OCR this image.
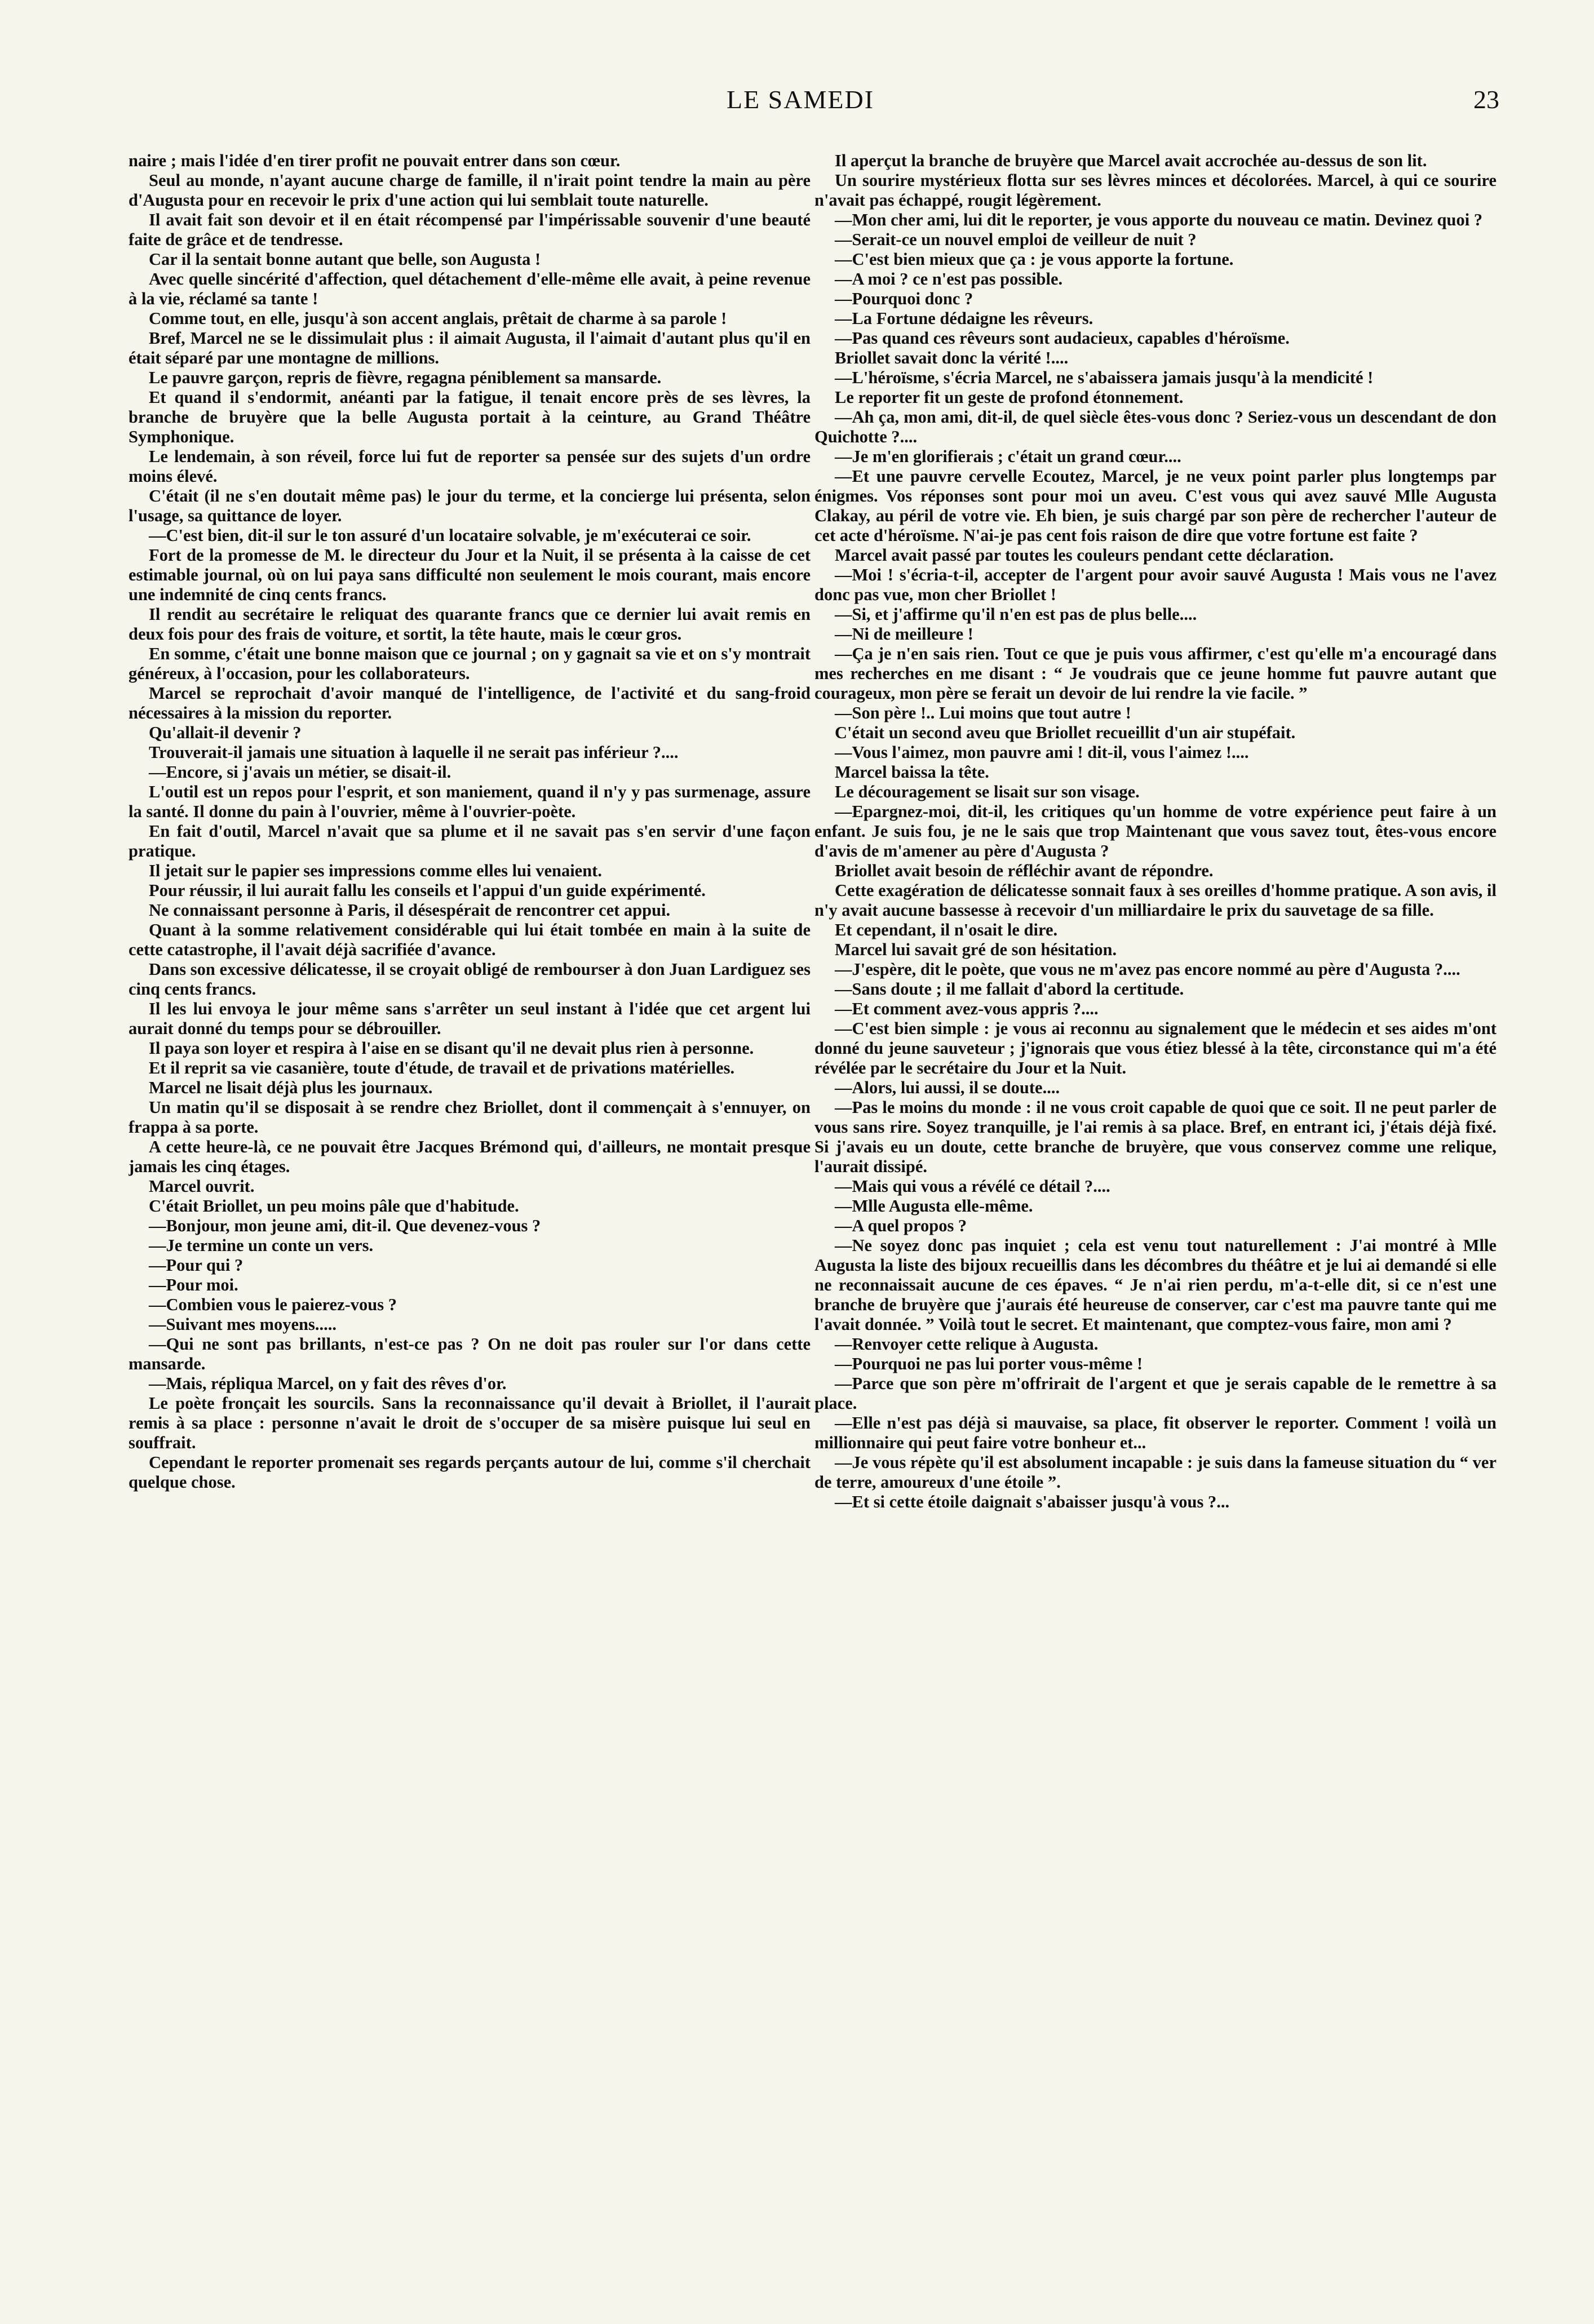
LE SAMEDI	23

naire ; mais l'idée d'en tirer profit ne pouvait entrer dans son cœur.

Seul au monde, n'ayant aucune charge de famille, il n'irait point tendre la main au père d'Augusta pour en recevoir le prix d'une action qui lui semblait toute naturelle.

Il avait fait son devoir et il en était récompensé par l'impérissable souvenir d'une beauté faite de grâce et de tendresse.

Car il la sentait bonne autant que belle, son Augusta !

Avec quelle sincérité d'affection, quel détachement d'elle-même elle avait, à peine revenue à la vie, réclamé sa tante !

Comme tout, en elle, jusqu'à son accent anglais, prêtait de charme à sa parole !

Bref, Marcel ne se le dissimulait plus : il aimait Augusta, il l'aimait d'autant plus qu'il en était séparé par une montagne de millions.

Le pauvre garçon, repris de fièvre, regagna péniblement sa mansarde.

Et quand il s'endormit, anéanti par la fatigue, il tenait encore près de ses lèvres, la branche de bruyère que la belle Augusta portait à la ceinture, au Grand Théâtre Symphonique.

Le lendemain, à son réveil, force lui fut de reporter sa pensée sur des sujets d'un ordre moins élevé.

C'était (il ne s'en doutait même pas) le jour du terme, et la concierge lui présenta, selon l'usage, sa quittance de loyer.

—C'est bien, dit-il sur le ton assuré d'un locataire solvable, je m'exécuterai ce soir.

Fort de la promesse de M. le directeur du Jour et la Nuit, il se présenta à la caisse de cet estimable journal, où on lui paya sans difficulté non seulement le mois courant, mais encore une indemnité de cinq cents francs.

Il rendit au secrétaire le reliquat des quarante francs que ce dernier lui avait remis en deux fois pour des frais de voiture, et sortit, la tête haute, mais le cœur gros.

En somme, c'était une bonne maison que ce journal ; on y gagnait sa vie et on s'y montrait généreux, à l'occasion, pour les collaborateurs.

Marcel se reprochait d'avoir manqué de l'intelligence, de l'activité et du sang-froid nécessaires à la mission du reporter.

Qu'allait-il devenir ?

Trouverait-il jamais une situation à laquelle il ne serait pas inférieur ?....

—Encore, si j'avais un métier, se disait-il.

L'outil est un repos pour l'esprit, et son maniement, quand il n'y y pas surmenage, assure la santé. Il donne du pain à l'ouvrier, même à l'ouvrier-poète.

En fait d'outil, Marcel n'avait que sa plume et il ne savait pas s'en servir d'une façon pratique.

Il jetait sur le papier ses impressions comme elles lui venaient.

Pour réussir, il lui aurait fallu les conseils et l'appui d'un guide expérimenté.

Ne connaissant personne à Paris, il désespérait de rencontrer cet appui.

Quant à la somme relativement considérable qui lui était tombée en main à la suite de cette catastrophe, il l'avait déjà sacrifiée d'avance.

Dans son excessive délicatesse, il se croyait obligé de rembourser à don Juan Lardiguez ses cinq cents francs.

Il les lui envoya le jour même sans s'arrêter un seul instant à l'idée que cet argent lui aurait donné du temps pour se débrouiller.

Il paya son loyer et respira à l'aise en se disant qu'il ne devait plus rien à personne.

Et il reprit sa vie casanière, toute d'étude, de travail et de privations matérielles.

Marcel ne lisait déjà plus les journaux.

Un matin qu'il se disposait à se rendre chez Briollet, dont il commençait à s'ennuyer, on frappa à sa porte.

A cette heure-là, ce ne pouvait être Jacques Brémond qui, d'ailleurs, ne montait presque jamais les cinq étages.

Marcel ouvrit.

C'était Briollet, un peu moins pâle que d'habitude.

—Bonjour, mon jeune ami, dit-il. Que devenez-vous ?

—Je termine un conte un vers.

—Pour qui ?

—Pour moi.

—Combien vous le paierez-vous ?

—Suivant mes moyens.....

—Qui ne sont pas brillants, n'est-ce pas ? On ne doit pas rouler sur l'or dans cette mansarde.

—Mais, répliqua Marcel, on y fait des rêves d'or.

Le poète fronçait les sourcils. Sans la reconnaissance qu'il devait à Briollet, il l'aurait remis à sa place : personne n'avait le droit de s'occuper de sa misère puisque lui seul en souffrait.

Cependant le reporter promenait ses regards perçants autour de lui, comme s'il cherchait quelque chose.

Il aperçut la branche de bruyère que Marcel avait accrochée au-dessus de son lit.

Un sourire mystérieux flotta sur ses lèvres minces et décolorées. Marcel, à qui ce sourire n'avait pas échappé, rougit légèrement.

—Mon cher ami, lui dit le reporter, je vous apporte du nouveau ce matin. Devinez quoi ?

—Serait-ce un nouvel emploi de veilleur de nuit ?

—C'est bien mieux que ça : je vous apporte la fortune.

—A moi ? ce n'est pas possible.

—Pourquoi donc ?

—La Fortune dédaigne les rêveurs.

—Pas quand ces rêveurs sont audacieux, capables d'héroïsme.

Briollet savait donc la vérité !....

—L'héroïsme, s'écria Marcel, ne s'abaissera jamais jusqu'à la mendicité !

Le reporter fit un geste de profond étonnement.

—Ah ça, mon ami, dit-il, de quel siècle êtes-vous donc ? Seriez-vous un descendant de don Quichotte ?....

—Je m'en glorifierais ; c'était un grand cœur....

—Et une pauvre cervelle Ecoutez, Marcel, je ne veux point parler plus longtemps par énigmes. Vos réponses sont pour moi un aveu. C'est vous qui avez sauvé Mlle Augusta Clakay, au péril de votre vie. Eh bien, je suis chargé par son père de rechercher l'auteur de cet acte d'héroïsme. N'ai-je pas cent fois raison de dire que votre fortune est faite ?

Marcel avait passé par toutes les couleurs pendant cette déclaration.

—Moi ! s'écria-t-il, accepter de l'argent pour avoir sauvé Augusta ! Mais vous ne l'avez donc pas vue, mon cher Briollet !

—Si, et j'affirme qu'il n'en est pas de plus belle....

—Ni de meilleure !

—Ça je n'en sais rien. Tout ce que je puis vous affirmer, c'est qu'elle m'a encouragé dans mes recherches en me disant : “ Je voudrais que ce jeune homme fut pauvre autant que courageux, mon père se ferait un devoir de lui rendre la vie facile. ”

—Son père !.. Lui moins que tout autre !

C'était un second aveu que Briollet recueillit d'un air stupéfait.

—Vous l'aimez, mon pauvre ami ! dit-il, vous l'aimez !....

Marcel baissa la tête.

Le découragement se lisait sur son visage.

—Epargnez-moi, dit-il, les critiques qu'un homme de votre expérience peut faire à un enfant. Je suis fou, je ne le sais que trop Maintenant que vous savez tout, êtes-vous encore d'avis de m'amener au père d'Augusta ?

Briollet avait besoin de réfléchir avant de répondre.

Cette exagération de délicatesse sonnait faux à ses oreilles d'homme pratique. A son avis, il n'y avait aucune bassesse à recevoir d'un milliardaire le prix du sauvetage de sa fille.

Et cependant, il n'osait le dire.

Marcel lui savait gré de son hésitation.

—J'espère, dit le poète, que vous ne m'avez pas encore nommé au père d'Augusta ?....

—Sans doute ; il me fallait d'abord la certitude.

—Et comment avez-vous appris ?....

—C'est bien simple : je vous ai reconnu au signalement que le médecin et ses aides m'ont donné du jeune sauveteur ; j'ignorais que vous étiez blessé à la tête, circonstance qui m'a été révélée par le secrétaire du Jour et la Nuit.

—Alors, lui aussi, il se doute....

—Pas le moins du monde : il ne vous croit capable de quoi que ce soit. Il ne peut parler de vous sans rire. Soyez tranquille, je l'ai remis à sa place. Bref, en entrant ici, j'étais déjà fixé. Si j'avais eu un doute, cette branche de bruyère, que vous conservez comme une relique, l'aurait dissipé.

—Mais qui vous a révélé ce détail ?....

—Mlle Augusta elle-même.

—A quel propos ?

—Ne soyez donc pas inquiet ; cela est venu tout naturellement : J'ai montré à Mlle Augusta la liste des bijoux recueillis dans les décombres du théâtre et je lui ai demandé si elle ne reconnaissait aucune de ces épaves. “ Je n'ai rien perdu, m'a-t-elle dit, si ce n'est une branche de bruyère que j'aurais été heureuse de conserver, car c'est ma pauvre tante qui me l'avait donnée. ” Voilà tout le secret. Et maintenant, que comptez-vous faire, mon ami ?

—Renvoyer cette relique à Augusta.

—Pourquoi ne pas lui porter vous-même !

—Parce que son père m'offrirait de l'argent et que je serais capable de le remettre à sa place.

—Elle n'est pas déjà si mauvaise, sa place, fit observer le reporter. Comment ! voilà un millionnaire qui peut faire votre bonheur et...

—Je vous répète qu'il est absolument incapable : je suis dans la fameuse situation du “ ver de terre, amoureux d'une étoile ”.

—Et si cette étoile daignait s'abaisser jusqu'à vous ?...
